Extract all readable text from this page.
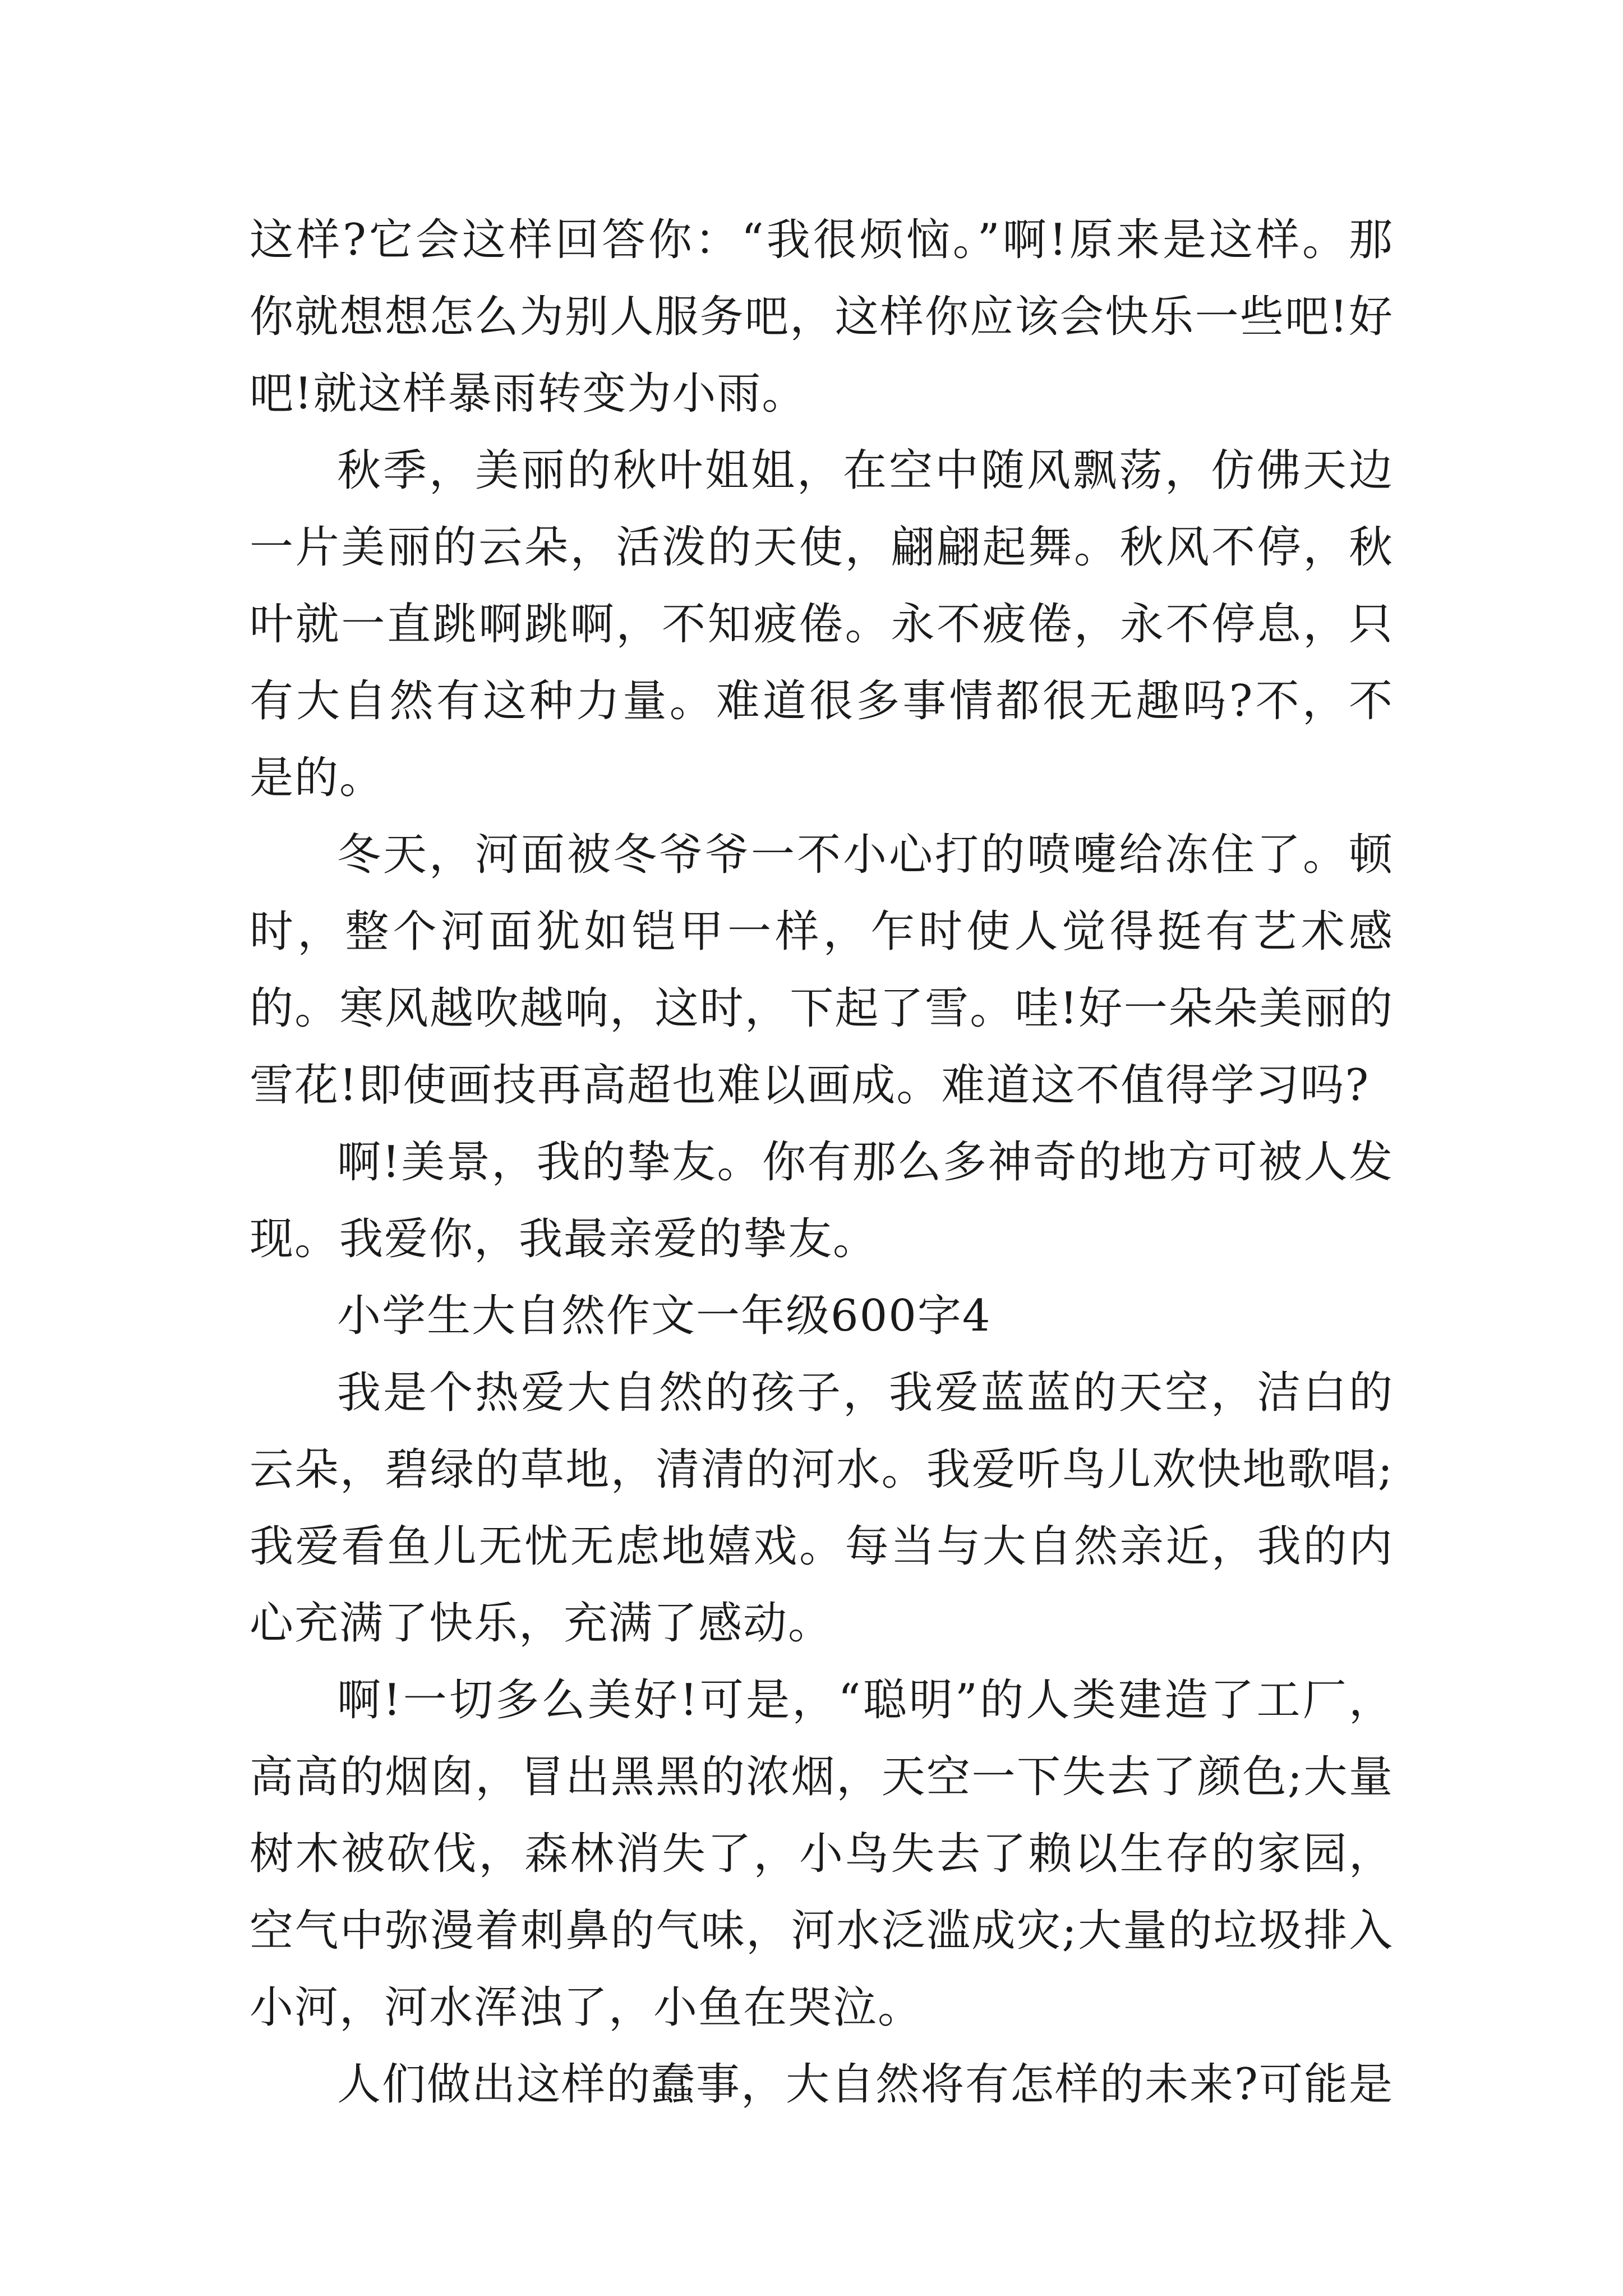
这样?它会这样回答你：“我很烦恼。”啊!原来是这样。那你就想想怎么为别人服务吧，这样你应该会快乐一些吧!好吧!就这样暴雨转变为小雨。

秋季，美丽的秋叶姐姐，在空中随风飘荡，仿佛天边一片美丽的云朵，活泼的天使，翩翩起舞。秋风不停，秋叶就一直跳啊跳啊，不知疲倦。永不疲倦，永不停息，只有大自然有这种力量。难道很多事情都很无趣吗?不，不是的。

冬天，河面被冬爷爷一不小心打的喷嚏给冻住了。顿时，整个河面犹如铠甲一样，乍时使人觉得挺有艺术感的。寒风越吹越响，这时，下起了雪。哇!好一朵朵美丽的雪花!即使画技再高超也难以画成。难道这不值得学习吗?

啊!美景，我的挚友。你有那么多神奇的地方可被人发现。我爱你，我最亲爱的挚友。

小学生大自然作文一年级600字4

我是个热爱大自然的孩子，我爱蓝蓝的天空，洁白的云朵，碧绿的草地，清清的河水。我爱听鸟儿欢快地歌唱;我爱看鱼儿无忧无虑地嬉戏。每当与大自然亲近，我的内心充满了快乐，充满了感动。

啊!一切多么美好!可是，“聪明”的人类建造了工厂，高高的烟囱，冒出黑黑的浓烟，天空一下失去了颜色;大量树木被砍伐，森林消失了，小鸟失去了赖以生存的家园，空气中弥漫着刺鼻的气味，河水泛滥成灾;大量的垃圾排入小河，河水浑浊了，小鱼在哭泣。

人们做出这样的蠢事，大自然将有怎样的未来?可能是
